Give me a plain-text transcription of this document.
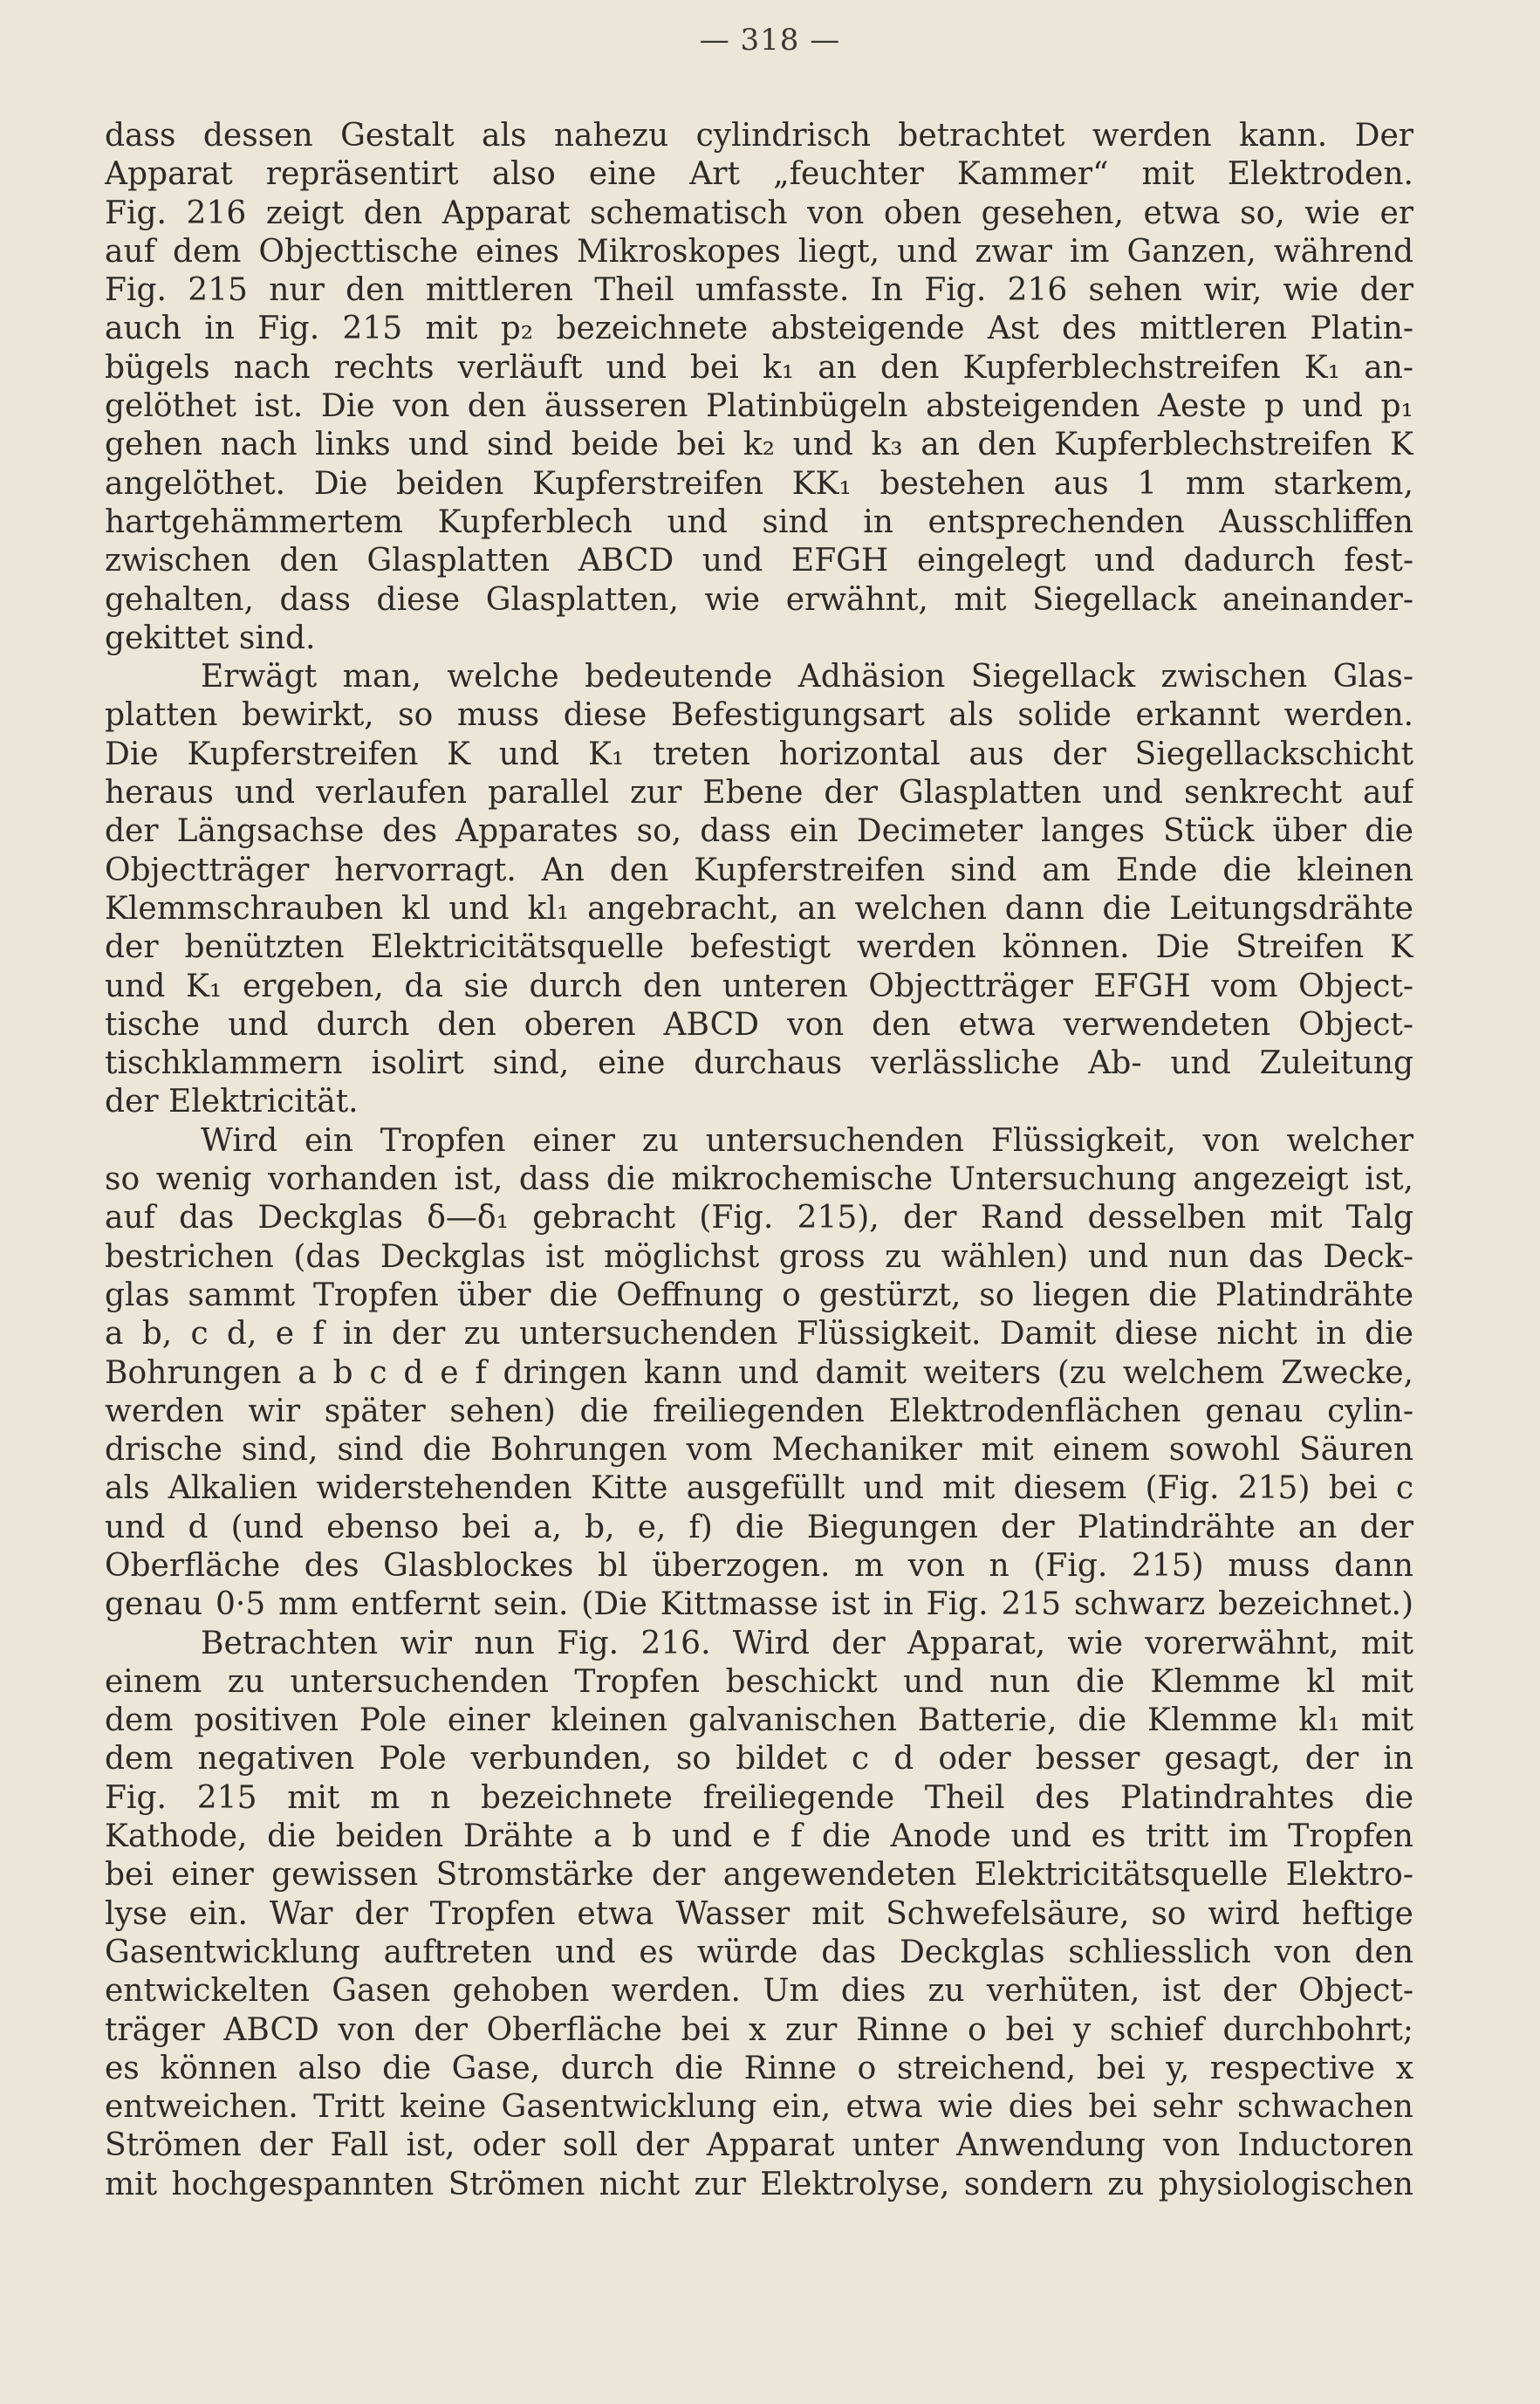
— 318 —
dass dessen Gestalt als nahezu cylindrisch betrachtet werden kann. Der
Apparat repräsentirt also eine Art „feuchter Kammer“ mit Elektroden.
Fig. 216 zeigt den Apparat schematisch von oben gesehen, etwa so, wie er
auf dem Objecttische eines Mikroskopes liegt, und zwar im Ganzen, während
Fig. 215 nur den mittleren Theil umfasste. In Fig. 216 sehen wir, wie der
auch in Fig. 215 mit p₂ bezeichnete absteigende Ast des mittleren Platin-
bügels nach rechts verläuft und bei k₁ an den Kupferblechstreifen K₁ an-
gelöthet ist. Die von den äusseren Platinbügeln absteigenden Aeste p und p₁
gehen nach links und sind beide bei k₂ und k₃ an den Kupferblechstreifen K
angelöthet. Die beiden Kupferstreifen KK₁ bestehen aus 1 mm starkem,
hartgehämmertem Kupferblech und sind in entsprechenden Ausschliffen
zwischen den Glasplatten ABCD und EFGH eingelegt und dadurch fest-
gehalten, dass diese Glasplatten, wie erwähnt, mit Siegellack aneinander-
gekittet sind.
Erwägt man, welche bedeutende Adhäsion Siegellack zwischen Glas-
platten bewirkt, so muss diese Befestigungsart als solide erkannt werden.
Die Kupferstreifen K und K₁ treten horizontal aus der Siegellackschicht
heraus und verlaufen parallel zur Ebene der Glasplatten und senkrecht auf
der Längsachse des Apparates so, dass ein Decimeter langes Stück über die
Objectträger hervorragt. An den Kupferstreifen sind am Ende die kleinen
Klemmschrauben kl und kl₁ angebracht, an welchen dann die Leitungsdrähte
der benützten Elektricitätsquelle befestigt werden können. Die Streifen K
und K₁ ergeben, da sie durch den unteren Objectträger EFGH vom Object-
tische und durch den oberen ABCD von den etwa verwendeten Object-
tischklammern isolirt sind, eine durchaus verlässliche Ab- und Zuleitung
der Elektricität.
Wird ein Tropfen einer zu untersuchenden Flüssigkeit, von welcher
so wenig vorhanden ist, dass die mikrochemische Untersuchung angezeigt ist,
auf das Deckglas δ—δ₁ gebracht (Fig. 215), der Rand desselben mit Talg
bestrichen (das Deckglas ist möglichst gross zu wählen) und nun das Deck-
glas sammt Tropfen über die Oeffnung o gestürzt, so liegen die Platindrähte
a b, c d, e f in der zu untersuchenden Flüssigkeit. Damit diese nicht in die
Bohrungen a b c d e f dringen kann und damit weiters (zu welchem Zwecke,
werden wir später sehen) die freiliegenden Elektrodenflächen genau cylin-
drische sind, sind die Bohrungen vom Mechaniker mit einem sowohl Säuren
als Alkalien widerstehenden Kitte ausgefüllt und mit diesem (Fig. 215) bei c
und d (und ebenso bei a, b, e, f) die Biegungen der Platindrähte an der
Oberfläche des Glasblockes bl überzogen. m von n (Fig. 215) muss dann
genau 0·5 mm entfernt sein. (Die Kittmasse ist in Fig. 215 schwarz bezeichnet.)
Betrachten wir nun Fig. 216. Wird der Apparat, wie vorerwähnt, mit
einem zu untersuchenden Tropfen beschickt und nun die Klemme kl mit
dem positiven Pole einer kleinen galvanischen Batterie, die Klemme kl₁ mit
dem negativen Pole verbunden, so bildet c d oder besser gesagt, der in
Fig. 215 mit m n bezeichnete freiliegende Theil des Platindrahtes die
Kathode, die beiden Drähte a b und e f die Anode und es tritt im Tropfen
bei einer gewissen Stromstärke der angewendeten Elektricitätsquelle Elektro-
lyse ein. War der Tropfen etwa Wasser mit Schwefelsäure, so wird heftige
Gasentwicklung auftreten und es würde das Deckglas schliesslich von den
entwickelten Gasen gehoben werden. Um dies zu verhüten, ist der Object-
träger ABCD von der Oberfläche bei x zur Rinne o bei y schief durchbohrt;
es können also die Gase, durch die Rinne o streichend, bei y, respective x
entweichen. Tritt keine Gasentwicklung ein, etwa wie dies bei sehr schwachen
Strömen der Fall ist, oder soll der Apparat unter Anwendung von Inductoren
mit hochgespannten Strömen nicht zur Elektrolyse, sondern zu physiologischen
